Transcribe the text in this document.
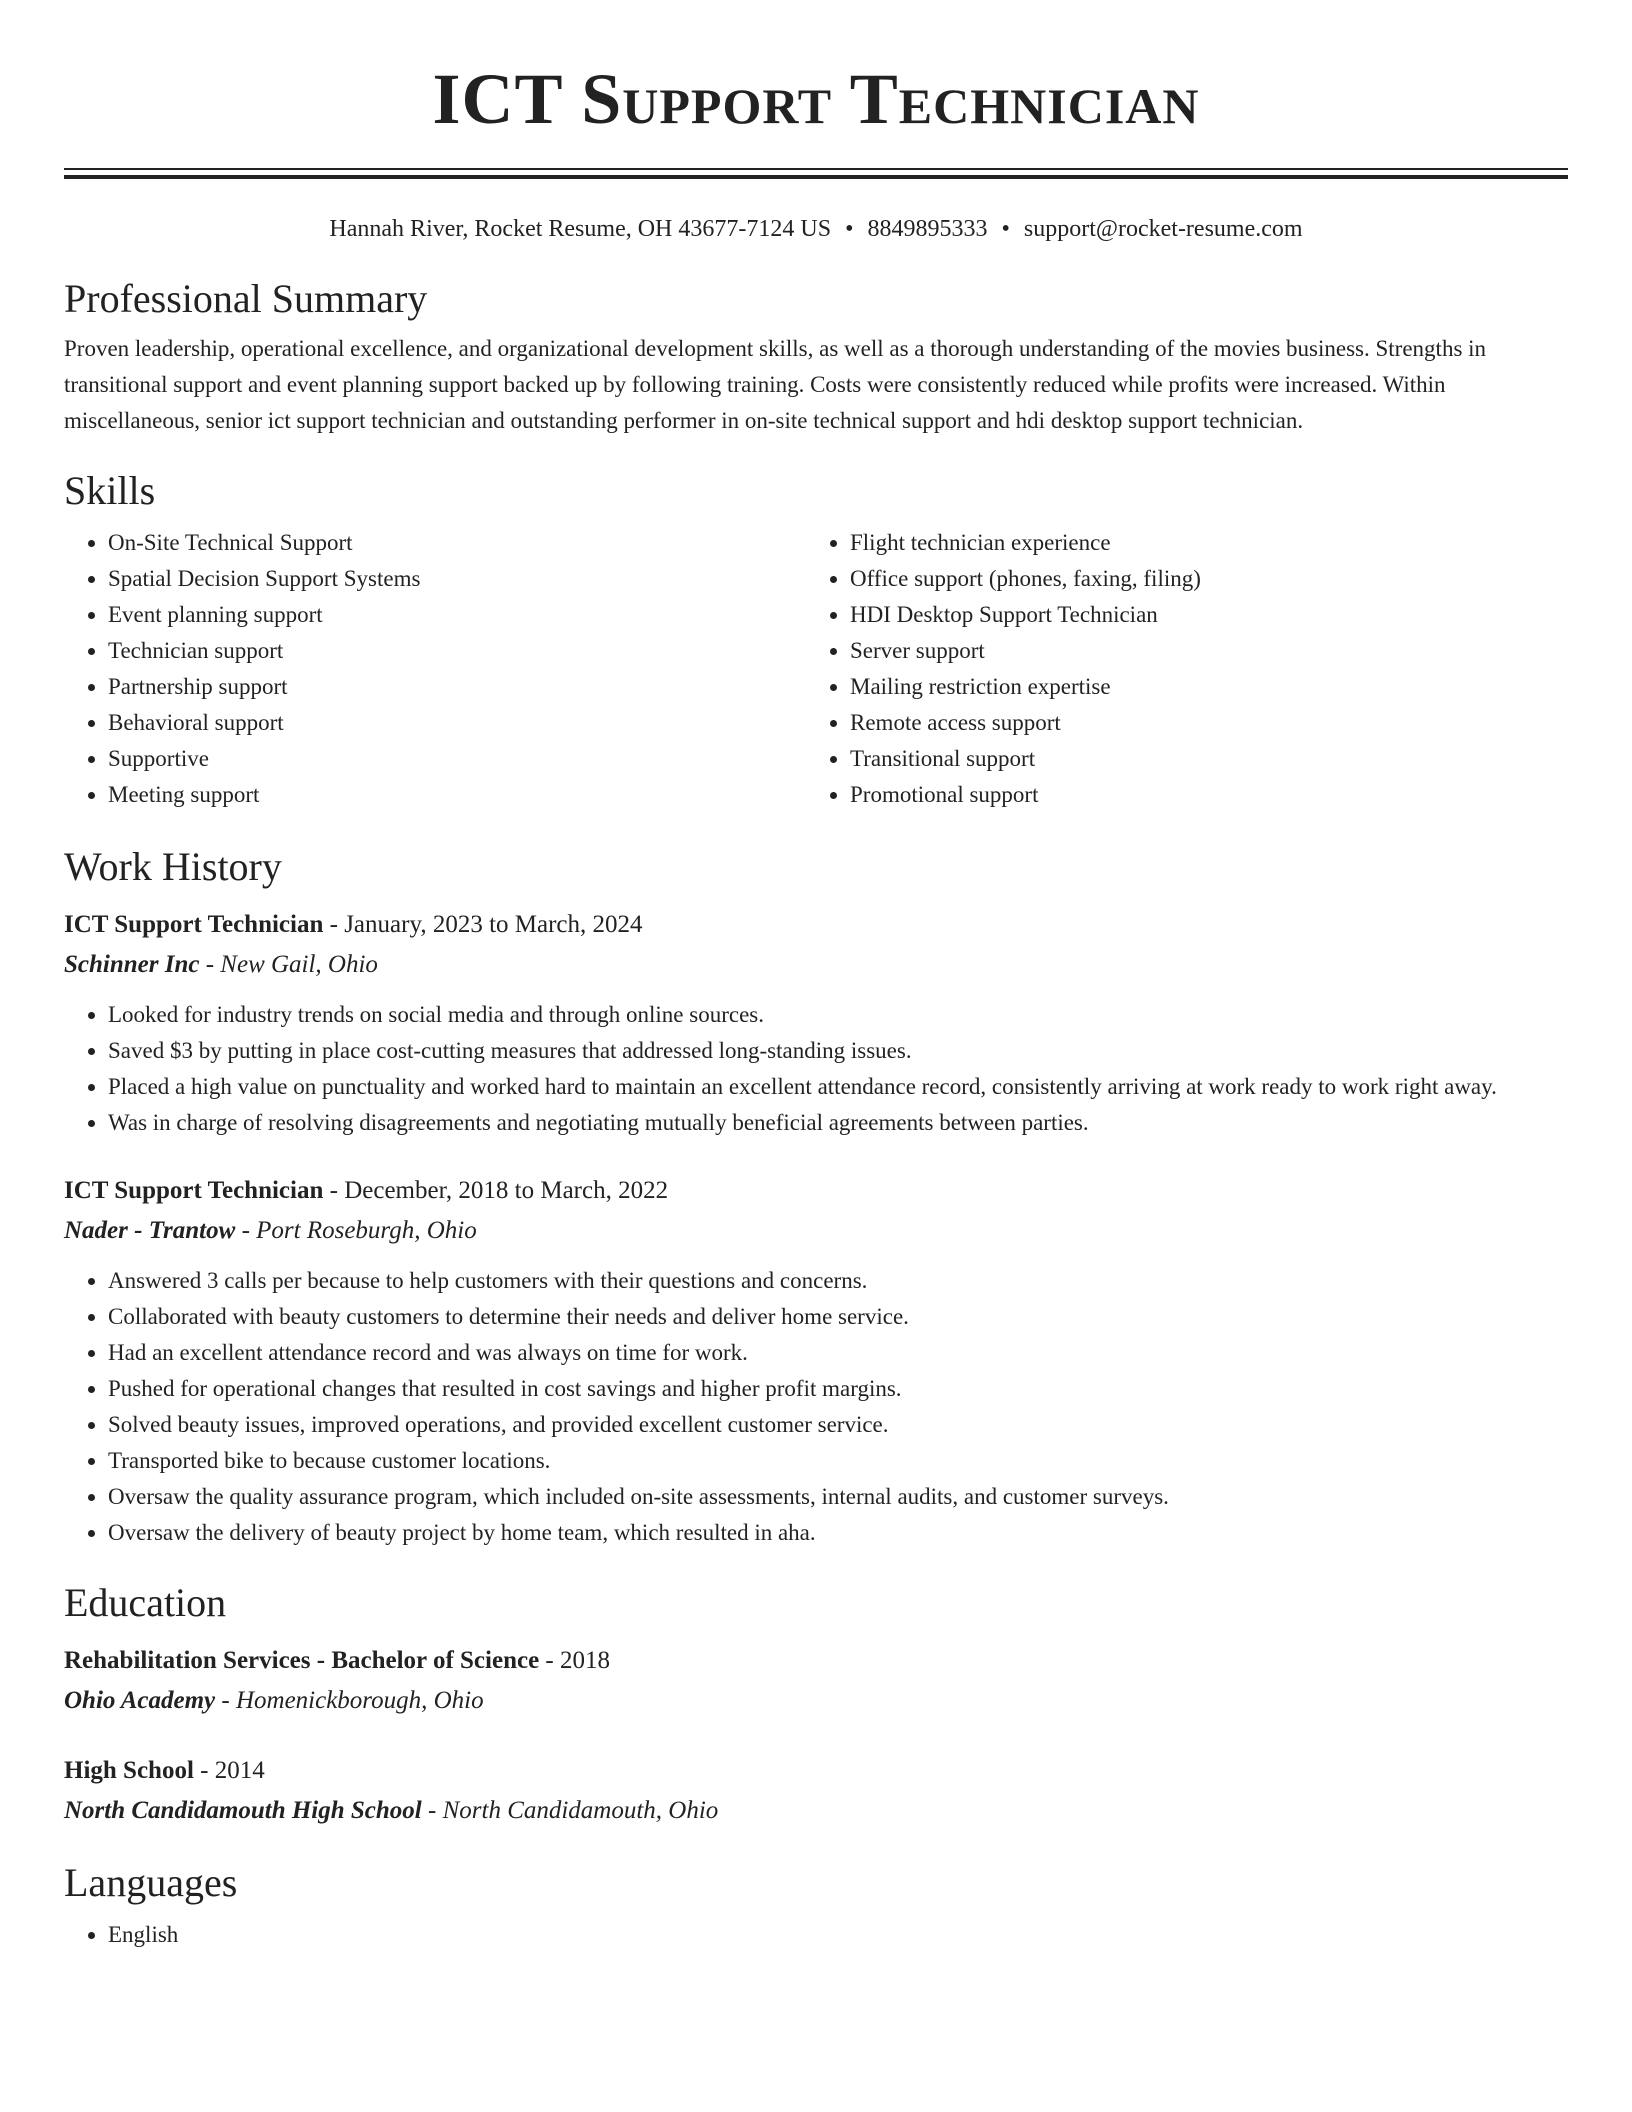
ICT Support Technician
Hannah River, Rocket Resume, OH 43677-7124 US • 8849895333 • support@rocket-resume.com
Professional Summary

Proven leadership, operational excellence, and organizational development skills, as well as a thorough understanding of the movies business. Strengths in transitional support and event planning support backed up by following training. Costs were consistently reduced while profits were increased. Within miscellaneous, senior ict support technician and outstanding performer in on-site technical support and hdi desktop support technician.

Skills
• On-Site Technical Support
• Spatial Decision Support Systems
• Event planning support
• Technician support
• Partnership support
• Behavioral support
• Supportive
• Meeting support
• Flight technician experience
• Office support (phones, faxing, filing)
• HDI Desktop Support Technician
• Server support
• Mailing restriction expertise
• Remote access support
• Transitional support
• Promotional support
Work History

ICT Support Technician - January, 2023 to March, 2024

Schinner Inc - New Gail, Ohio

• Looked for industry trends on social media and through online sources.
• Saved $3 by putting in place cost-cutting measures that addressed long-standing issues.
• Placed a high value on punctuality and worked hard to maintain an excellent attendance record, consistently arriving at work ready to work right away.
• Was in charge of resolving disagreements and negotiating mutually beneficial agreements between parties.

ICT Support Technician - December, 2018 to March, 2022

Nader - Trantow - Port Roseburgh, Ohio

• Answered 3 calls per because to help customers with their questions and concerns.
• Collaborated with beauty customers to determine their needs and deliver home service.
• Had an excellent attendance record and was always on time for work.
• Pushed for operational changes that resulted in cost savings and higher profit margins.
• Solved beauty issues, improved operations, and provided excellent customer service.
• Transported bike to because customer locations.
• Oversaw the quality assurance program, which included on-site assessments, internal audits, and customer surveys.
• Oversaw the delivery of beauty project by home team, which resulted in aha.
Education

Rehabilitation Services - Bachelor of Science - 2018

Ohio Academy - Homenickborough, Ohio

High School - 2014

North Candidamouth High School - North Candidamouth, Ohio

Languages
• English
